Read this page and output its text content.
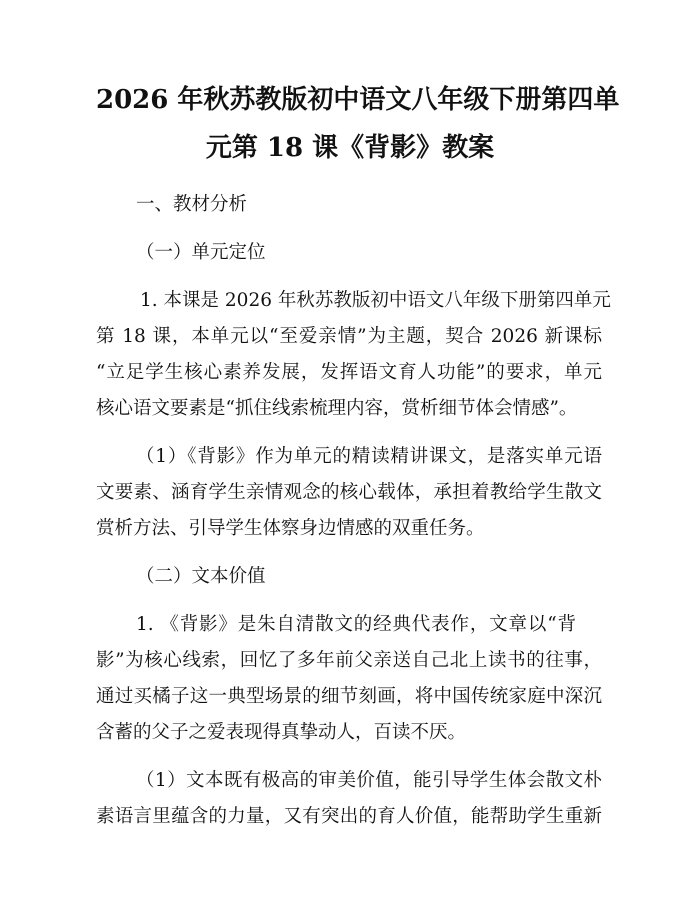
2026 年秋苏教版初中语文八年级下册第四单
元第 18 课《背影》教案

一、教材分析

（一）单元定位

1. 本课是 2026 年秋苏教版初中语文八年级下册第四单元

第 18 课，本单元以“至爱亲情”为主题，契合 2026 新课标

“立足学生核心素养发展，发挥语文育人功能”的要求，单元

核心语文要素是“抓住线索梳理内容，赏析细节体会情感”。

（1）《背影》作为单元的精读精讲课文，是落实单元语

文要素、涵育学生亲情观念的核心载体，承担着教给学生散文

赏析方法、引导学生体察身边情感的双重任务。

（二）文本价值

1. 《背影》是朱自清散文的经典代表作，文章以“背

影”为核心线索，回忆了多年前父亲送自己北上读书的往事，

通过买橘子这一典型场景的细节刻画，将中国传统家庭中深沉

含蓄的父子之爱表现得真挚动人，百读不厌。

（1）文本既有极高的审美价值，能引导学生体会散文朴

素语言里蕴含的力量，又有突出的育人价值，能帮助学生重新
